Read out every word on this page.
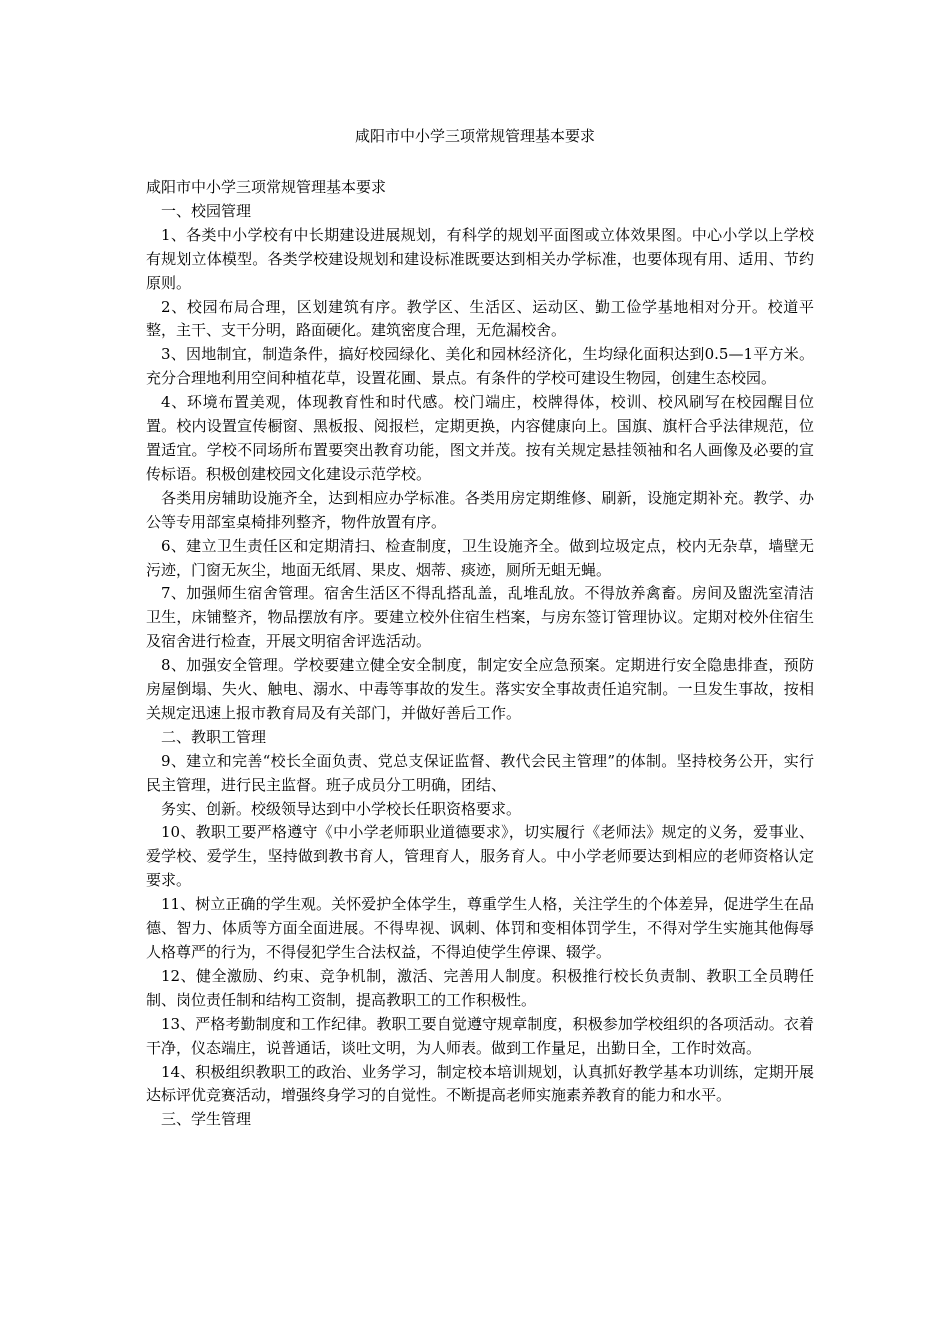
咸阳市中小学三项常规管理基本要求

咸阳市中小学三项常规管理基本要求

一、校园管理

1、各类中小学校有中长期建设进展规划，有科学的规划平面图或立体效果图。中心小学以上学校有规划立体模型。各类学校建设规划和建设标准既要达到相关办学标准，也要体现有用、适用、节约原则。

2、校园布局合理，区划建筑有序。教学区、生活区、运动区、勤工俭学基地相对分开。校道平整，主干、支干分明，路面硬化。建筑密度合理，无危漏校舍。

3、因地制宜，制造条件，搞好校园绿化、美化和园林经济化，生均绿化面积达到0.5—1平方米。充分合理地利用空间种植花草，设置花圃、景点。有条件的学校可建设生物园，创建生态校园。

4、环境布置美观，体现教育性和时代感。校门端庄，校牌得体，校训、校风刷写在校园醒目位置。校内设置宣传橱窗、黑板报、阅报栏，定期更换，内容健康向上。国旗、旗杆合乎法律规范，位置适宜。学校不同场所布置要突出教育功能，图文并茂。按有关规定悬挂领袖和名人画像及必要的宣传标语。积极创建校园文化建设示范学校。

各类用房辅助设施齐全，达到相应办学标准。各类用房定期维修、刷新，设施定期补充。教学、办公等专用部室桌椅排列整齐，物件放置有序。

6、建立卫生责任区和定期清扫、检查制度，卫生设施齐全。做到垃圾定点，校内无杂草，墙壁无污迹，门窗无灰尘，地面无纸屑、果皮、烟蒂、痰迹，厕所无蛆无蝇。

7、加强师生宿舍管理。宿舍生活区不得乱搭乱盖，乱堆乱放。不得放养禽畜。房间及盥洗室清洁卫生，床铺整齐，物品摆放有序。要建立校外住宿生档案，与房东签订管理协议。定期对校外住宿生及宿舍进行检查，开展文明宿舍评选活动。

8、加强安全管理。学校要建立健全安全制度，制定安全应急预案。定期进行安全隐患排查，预防房屋倒塌、失火、触电、溺水、中毒等事故的发生。落实安全事故责任追究制。一旦发生事故，按相关规定迅速上报市教育局及有关部门，并做好善后工作。

二、教职工管理

9、建立和完善“校长全面负责、党总支保证监督、教代会民主管理”的体制。坚持校务公开，实行民主管理，进行民主监督。班子成员分工明确，团结、

务实、创新。校级领导达到中小学校长任职资格要求。

10、教职工要严格遵守《中小学老师职业道德要求》，切实履行《老师法》规定的义务，爱事业、爱学校、爱学生，坚持做到教书育人，管理育人，服务育人。中小学老师要达到相应的老师资格认定要求。

11、树立正确的学生观。关怀爱护全体学生，尊重学生人格，关注学生的个体差异，促进学生在品德、智力、体质等方面全面进展。不得卑视、讽刺、体罚和变相体罚学生，不得对学生实施其他侮辱人格尊严的行为，不得侵犯学生合法权益，不得迫使学生停课、辍学。

12、健全激励、约束、竞争机制，激活、完善用人制度。积极推行校长负责制、教职工全员聘任制、岗位责任制和结构工资制，提高教职工的工作积极性。

13、严格考勤制度和工作纪律。教职工要自觉遵守规章制度，积极参加学校组织的各项活动。衣着干净，仪态端庄，说普通话，谈吐文明，为人师表。做到工作量足，出勤日全，工作时效高。

14、积极组织教职工的政治、业务学习，制定校本培训规划，认真抓好教学基本功训练，定期开展达标评优竞赛活动，增强终身学习的自觉性。不断提高老师实施素养教育的能力和水平。

三、学生管理
